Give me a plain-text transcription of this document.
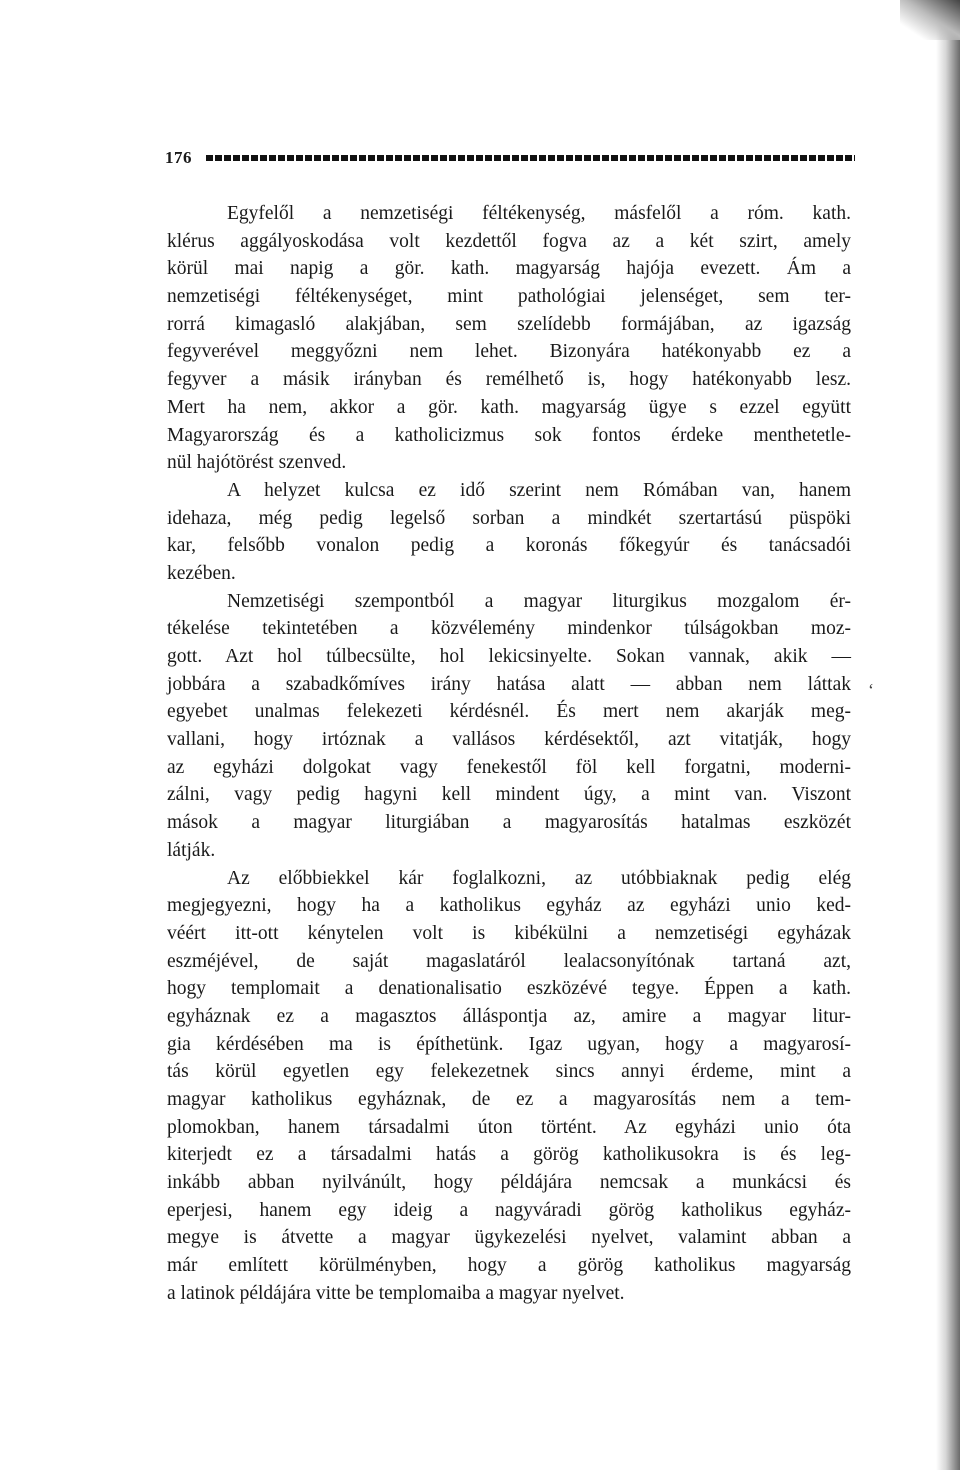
176
Egyfelől a nemzetiségi féltékenység, másfelől a róm. kath.
klérus aggályoskodása volt kezdettől fogva az a két szirt, amely
körül mai napig a gör. kath. magyarság hajója evezett. Ám a
nemzetiségi féltékenységet, mint pathológiai jelenséget, sem ter-
rorrá kimagasló alakjában, sem szelídebb formájában, az igazság
fegyverével meggyőzni nem lehet. Bizonyára hatékonyabb ez a
fegyver a másik irányban és remélhető is, hogy hatékonyabb lesz.
Mert ha nem, akkor a gör. kath. magyarság ügye s ezzel együtt
Magyarország és a katholicizmus sok fontos érdeke menthetetle-
nül hajótörést szenved.
A helyzet kulcsa ez idő szerint nem Rómában van, hanem
idehaza, még pedig legelső sorban a mindkét szertartású püspöki
kar, felsőbb vonalon pedig a koronás főkegyúr és tanácsadói
kezében.
Nemzetiségi szempontból a magyar liturgikus mozgalom ér-
tékelése tekintetében a közvélemény mindenkor túlságokban moz-
gott. Azt hol túlbecsülte, hol lekicsinyelte. Sokan vannak, akik —
jobbára a szabadkőmíves irány hatása alatt — abban nem láttak
egyebet unalmas felekezeti kérdésnél. És mert nem akarják meg-
vallani, hogy irtóznak a vallásos kérdésektől, azt vitatják, hogy
az egyházi dolgokat vagy fenekestől föl kell forgatni, moderni-
zálni, vagy pedig hagyni kell mindent úgy, a mint van. Viszont
mások a magyar liturgiában a magyarosítás hatalmas eszközét
látják.
Az előbbiekkel kár foglalkozni, az utóbbiaknak pedig elég
megjegyezni, hogy ha a katholikus egyház az egyházi unio ked-
véért itt-ott kénytelen volt is kibékülni a nemzetiségi egyházak
eszméjével, de saját magaslatáról lealacsonyítónak tartaná azt,
hogy templomait a denationalisatio eszközévé tegye. Éppen a kath.
egyháznak ez a magasztos álláspontja az, amire a magyar litur-
gia kérdésében ma is építhetünk. Igaz ugyan, hogy a magyarosí-
tás körül egyetlen egy felekezetnek sincs annyi érdeme, mint a
magyar katholikus egyháznak, de ez a magyarosítás nem a tem-
plomokban, hanem társadalmi úton történt. Az egyházi unio óta
kiterjedt ez a társadalmi hatás a görög katholikusokra is és leg-
inkább abban nyilvánúlt, hogy példájára nemcsak a munkácsi és
eperjesi, hanem egy ideig a nagyváradi görög katholikus egyház-
megye is átvette a magyar ügykezelési nyelvet, valamint abban a
már említett körülményben, hogy a görög katholikus magyarság
a latinok példájára vitte be templomaiba a magyar nyelvet.
‘
